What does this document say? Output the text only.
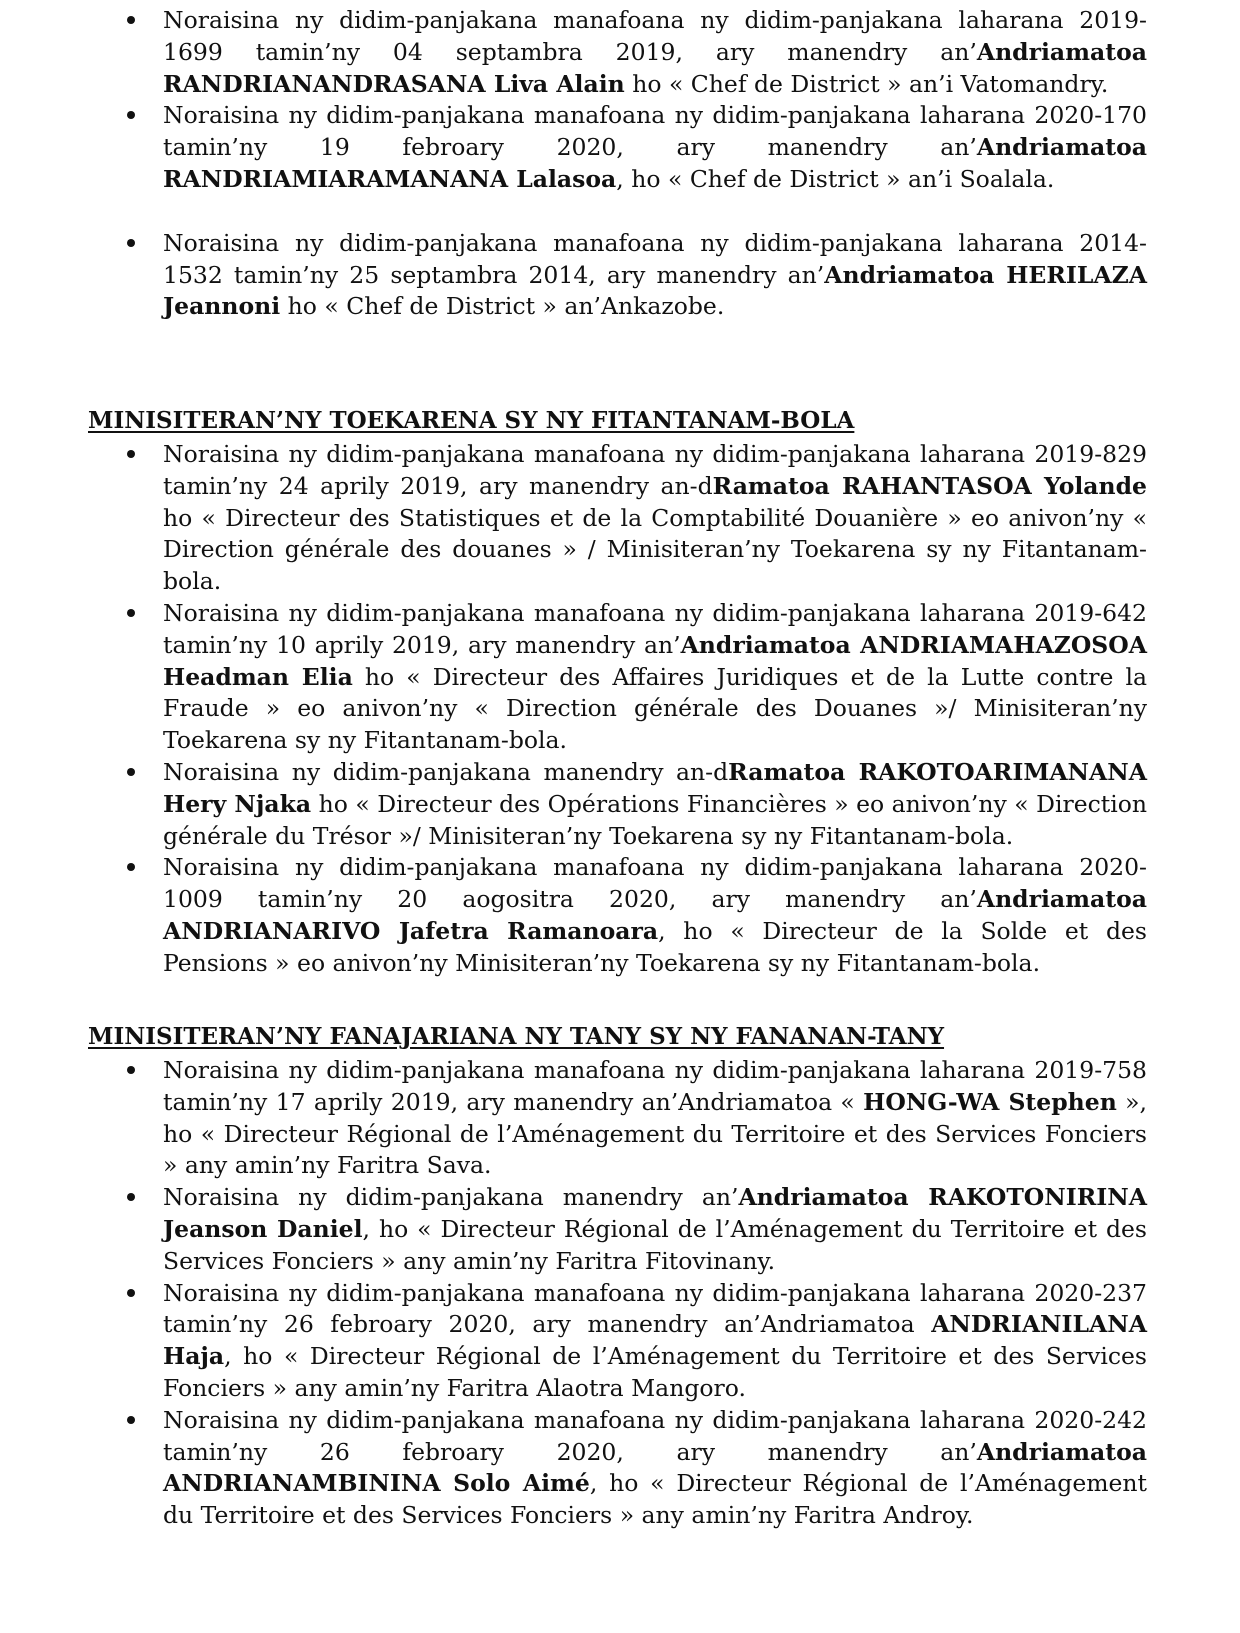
Noraisina ny didim-panjakana manafoana ny didim-panjakana laharana 2019-1699 tamin’ny 04 septambra 2019, ary manendry an’Andriamatoa RANDRIANANDRASANA Liva Alain ho « Chef de District » an’i Vatomandry.
Noraisina ny didim-panjakana manafoana ny didim-panjakana laharana 2020-170 tamin’ny 19 febroary 2020, ary manendry an’Andriamatoa RANDRIAMIARAMANANA Lalasoa, ho « Chef de District » an’i Soalala.
Noraisina ny didim-panjakana manafoana ny didim-panjakana laharana 2014-1532 tamin’ny 25 septambra 2014, ary manendry an’Andriamatoa HERILAZA Jeannoni ho « Chef de District » an’Ankazobe.
MINISITERAN’NY TOEKARENA SY NY FITANTANAM-BOLA
Noraisina ny didim-panjakana manafoana ny didim-panjakana laharana 2019-829 tamin’ny 24 aprily 2019, ary manendry an-dRamatoa RAHANTASOA Yolande ho « Directeur des Statistiques et de la Comptabilité Douanière » eo anivon’ny « Direction générale des douanes » / Minisiteran’ny Toekarena sy ny Fitantanam-bola.
Noraisina ny didim-panjakana manafoana ny didim-panjakana laharana 2019-642 tamin’ny 10 aprily 2019, ary manendry an’Andriamatoa ANDRIAMAHAZOSOA Headman Elia ho « Directeur des Affaires Juridiques et de la Lutte contre la Fraude » eo anivon’ny « Direction générale des Douanes »/ Minisiteran’ny Toekarena sy ny Fitantanam-bola.
Noraisina ny didim-panjakana manendry an-dRamatoa RAKOTOARIMANANA Hery Njaka ho « Directeur des Opérations Financières » eo anivon’ny « Direction générale du Trésor »/ Minisiteran’ny Toekarena sy ny Fitantanam-bola.
Noraisina ny didim-panjakana manafoana ny didim-panjakana laharana 2020-1009 tamin’ny 20 aogositra 2020, ary manendry an’Andriamatoa ANDRIANARIVO Jafetra Ramanoara, ho « Directeur de la Solde et des Pensions » eo anivon’ny Minisiteran’ny Toekarena sy ny Fitantanam-bola.
MINISITERAN’NY FANAJARIANA NY TANY SY NY FANANAN-TANY
Noraisina ny didim-panjakana manafoana ny didim-panjakana laharana 2019-758 tamin’ny 17 aprily 2019, ary manendry an’Andriamatoa « HONG-WA Stephen », ho « Directeur Régional de l’Aménagement du Territoire et des Services Fonciers » any amin’ny Faritra Sava.
Noraisina ny didim-panjakana manendry an’Andriamatoa RAKOTONIRINA Jeanson Daniel, ho « Directeur Régional de l’Aménagement du Territoire et des Services Fonciers » any amin’ny Faritra Fitovinany.
Noraisina ny didim-panjakana manafoana ny didim-panjakana laharana 2020-237 tamin’ny 26 febroary 2020, ary manendry an’Andriamatoa ANDRIANILANA Haja, ho « Directeur Régional de l’Aménagement du Territoire et des Services Fonciers » any amin’ny Faritra Alaotra Mangoro.
Noraisina ny didim-panjakana manafoana ny didim-panjakana laharana 2020-242 tamin’ny 26 febroary 2020, ary manendry an’Andriamatoa ANDRIANAMBININA Solo Aimé, ho « Directeur Régional de l’Aménagement du Territoire et des Services Fonciers » any amin’ny Faritra Androy.
